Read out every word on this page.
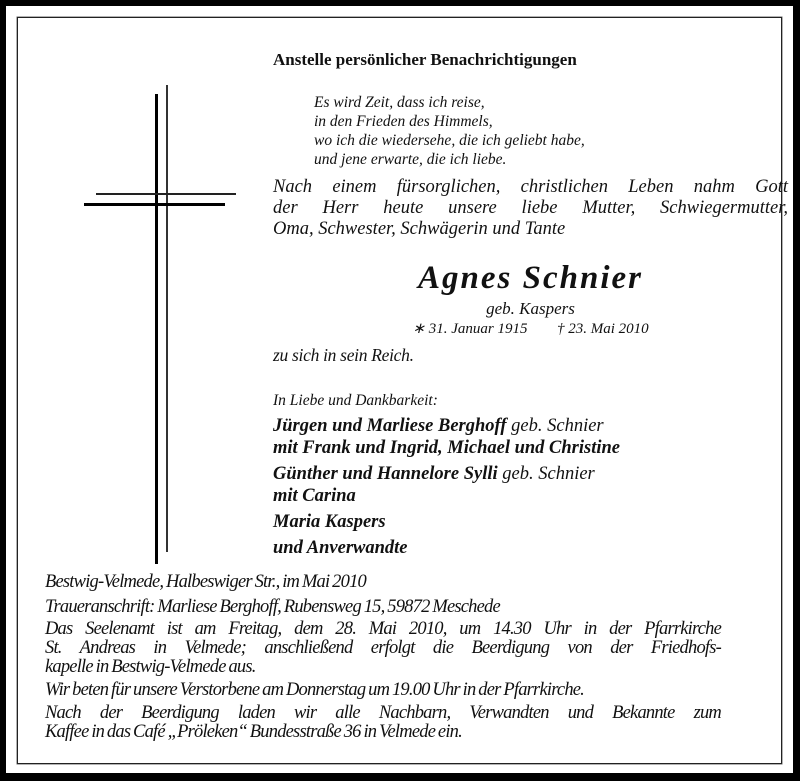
Anstelle persönlicher Benachrichtigungen
Es wird Zeit, dass ich reise,
in den Frieden des Himmels,
wo ich die wiedersehe, die ich geliebt habe,
und jene erwarte, die ich liebe.
Nach einem fürsorglichen, christlichen Leben nahm Gott
der Herr heute unsere liebe Mutter, Schwiegermutter,
Oma, Schwester, Schwägerin und Tante
Agnes Schnier
geb. Kaspers
∗ 31. Januar 1915 † 23. Mai 2010
zu sich in sein Reich.
In Liebe und Dankbarkeit:
Jürgen und Marliese Berghoff geb. Schnier
mit Frank und Ingrid, Michael und Christine
Günther und Hannelore Sylli geb. Schnier
mit Carina
Maria Kaspers
und Anverwandte
Bestwig-Velmede, Halbeswiger Str., im Mai 2010
Traueranschrift: Marliese Berghoff, Rubensweg 15, 59872 Meschede
Das Seelenamt ist am Freitag, dem 28. Mai 2010, um 14.30 Uhr in der Pfarrkirche
St. Andreas in Velmede; anschließend erfolgt die Beerdigung von der Friedhofs-
kapelle in Bestwig-Velmede aus.
Wir beten für unsere Verstorbene am Donnerstag um 19.00 Uhr in der Pfarrkirche.
Nach der Beerdigung laden wir alle Nachbarn, Verwandten und Bekannte zum
Kaffee in das Café „Pröleken“ Bundesstraße 36 in Velmede ein.
